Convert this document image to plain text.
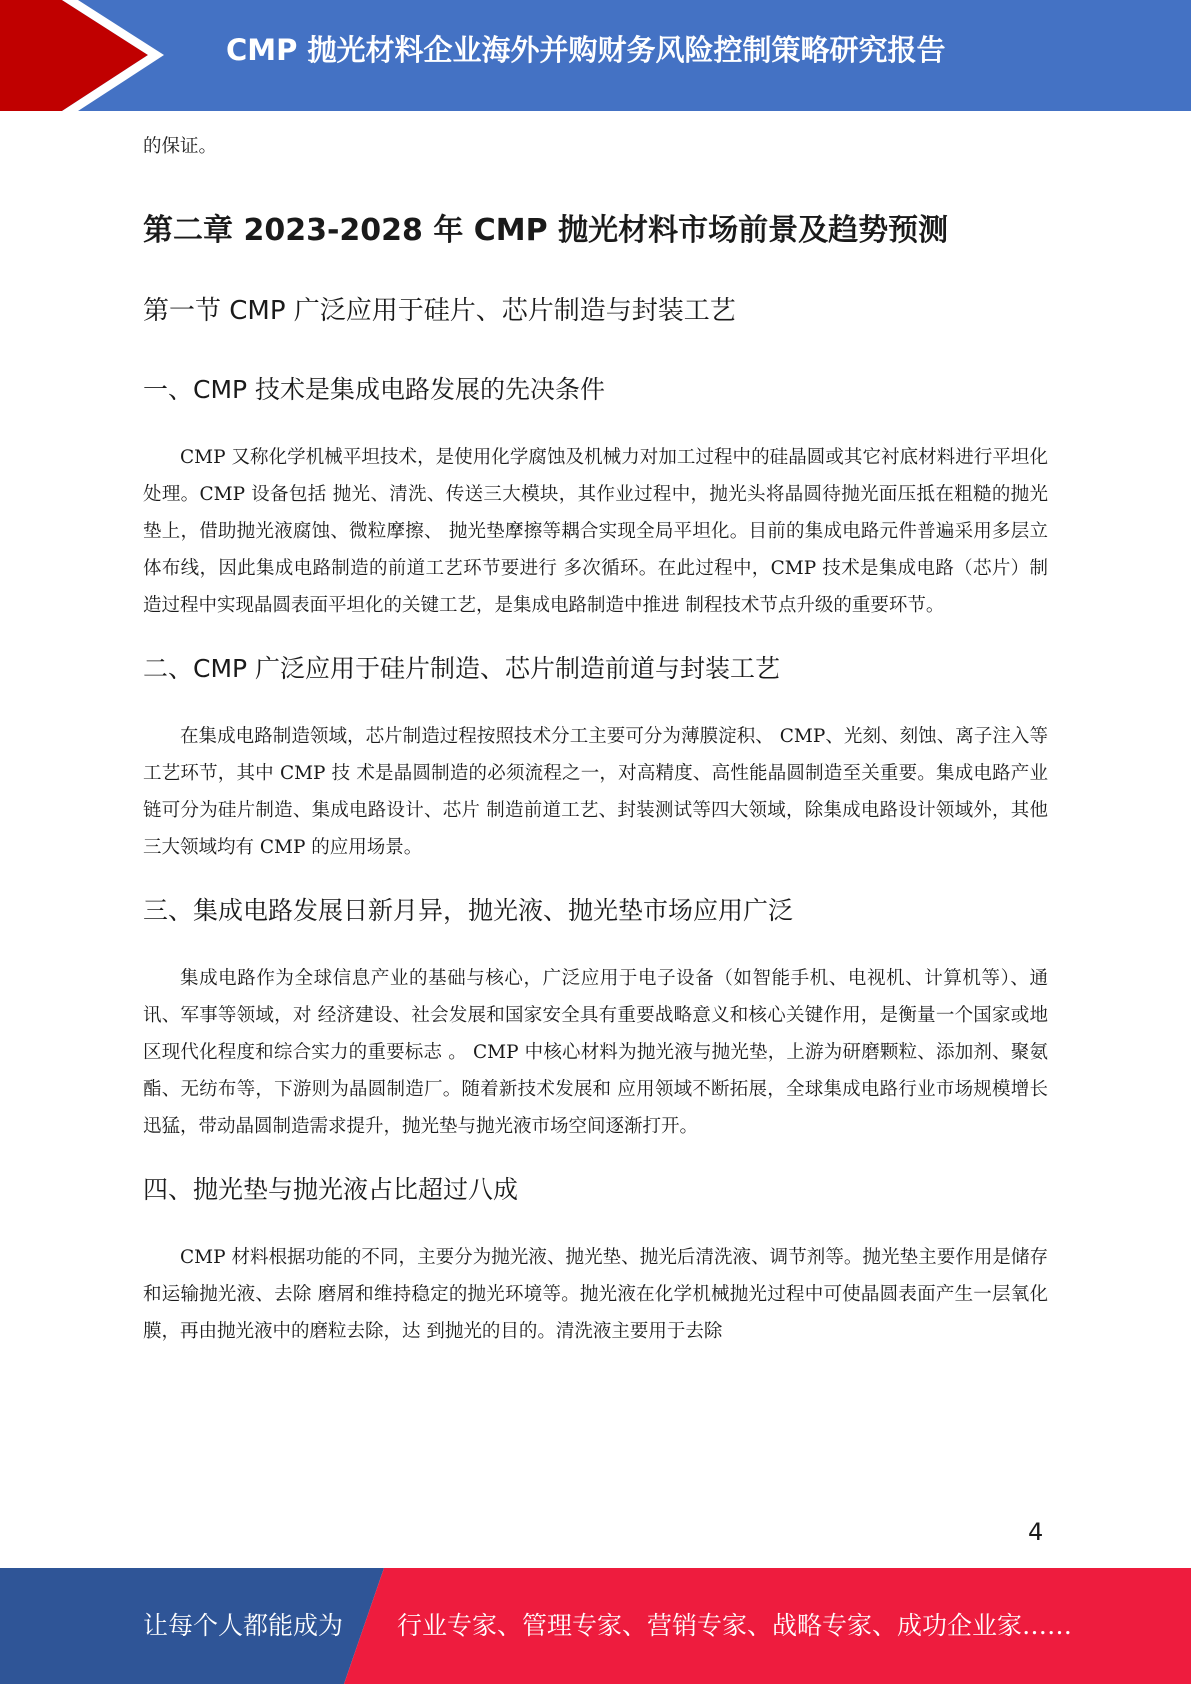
CMP 抛光材料企业海外并购财务风险控制策略研究报告

的保证。

第二章 2023-2028 年 CMP 抛光材料市场前景及趋势预测
第一节 CMP 广泛应用于硅片、芯片制造与封装工艺
一、CMP 技术是集成电路发展的先决条件

CMP 又称化学机械平坦技术，是使用化学腐蚀及机械力对加工过程中的硅晶圆或其它衬底材料进行平坦化处理。CMP 设备包括 抛光、清洗、传送三大模块，其作业过程中，抛光头将晶圆待抛光面压抵在粗糙的抛光垫上，借助抛光液腐蚀、微粒摩擦、 抛光垫摩擦等耦合实现全局平坦化。目前的集成电路元件普遍采用多层立体布线，因此集成电路制造的前道工艺环节要进行 多次循环。在此过程中，CMP 技术是集成电路（芯片）制造过程中实现晶圆表面平坦化的关键工艺，是集成电路制造中推进 制程技术节点升级的重要环节。

二、CMP 广泛应用于硅片制造、芯片制造前道与封装工艺

在集成电路制造领域，芯片制造过程按照技术分工主要可分为薄膜淀积、 CMP、光刻、刻蚀、离子注入等工艺环节，其中 CMP 技 术是晶圆制造的必须流程之一，对高精度、高性能晶圆制造至关重要。集成电路产业链可分为硅片制造、集成电路设计、芯片 制造前道工艺、封装测试等四大领域，除集成电路设计领域外，其他三大领域均有 CMP 的应用场景。

三、集成电路发展日新月异，抛光液、抛光垫市场应用广泛

集成电路作为全球信息产业的基础与核心，广泛应用于电子设备（如智能手机、电视机、计算机等）、通讯、军事等领域，对 经济建设、社会发展和国家安全具有重要战略意义和核心关键作用，是衡量一个国家或地区现代化程度和综合实力的重要标志 。 CMP 中核心材料为抛光液与抛光垫，上游为研磨颗粒、添加剂、聚氨酯、无纺布等，下游则为晶圆制造厂。随着新技术发展和 应用领域不断拓展，全球集成电路行业市场规模增长迅猛，带动晶圆制造需求提升，抛光垫与抛光液市场空间逐渐打开。

四、抛光垫与抛光液占比超过八成

CMP 材料根据功能的不同，主要分为抛光液、抛光垫、抛光后清洗液、调节剂等。抛光垫主要作用是储存和运输抛光液、去除 磨屑和维持稳定的抛光环境等。抛光液在化学机械抛光过程中可使晶圆表面产生一层氧化膜，再由抛光液中的磨粒去除，达 到抛光的目的。清洗液主要用于去除

4
让每个人都能成为 行业专家、管理专家、营销专家、战略专家、成功企业家……
